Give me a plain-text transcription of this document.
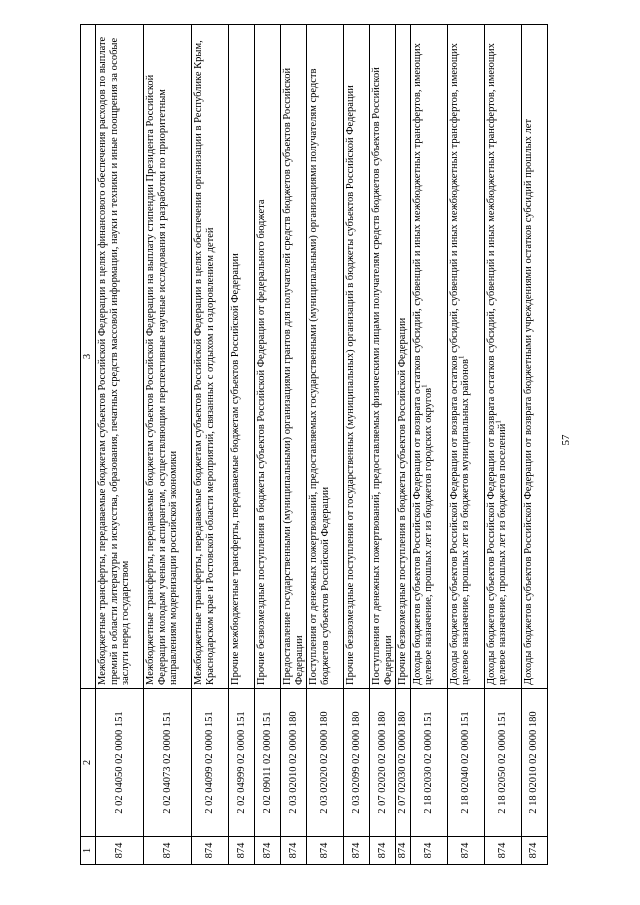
57
1	2	3
874	2 02 04050 02 0000 151	Межбюджетные трансферты, передаваемые бюджетам субъектов Российской Федерации в целях финансового обеспечения расходов по выплате премий в области литературы и искусства, образования, печатных средств массовой информации, науки и техники и иные поощрения за особые заслуги перед государством
874	2 02 04073 02 0000 151	Межбюджетные трансферты, передаваемые бюджетам субъектов Российской Федерации на выплату стипендии Президента Российской Федерации молодым ученым и аспирантам, осуществляющим перспективные научные исследования и разработки по приоритетным направлениям модернизации российской экономики
874	2 02 04099 02 0000 151	Межбюджетные трансферты, передаваемые бюджетам субъектов Российской Федерации в целях обеспечения организации в Республике Крым, Краснодарском крае и Ростовской области мероприятий, связанных с отдыхом и оздоровлением детей
874	2 02 04999 02 0000 151	Прочие межбюджетные трансферты, передаваемые бюджетам субъектов Российской Федерации
874	2 02 09011 02 0000 151	Прочие безвозмездные поступления в бюджеты субъектов Российской Федерации от федерального бюджета
874	2 03 02010 02 0000 180	Предоставление государственными (муниципальными) организациями грантов для получателей средств бюджетов субъектов Российской Федерации
874	2 03 02020 02 0000 180	Поступления от денежных пожертвований, предоставляемых государственными (муниципальными) организациями получателям средств бюджетов субъектов Российской Федерации
874	2 03 02099 02 0000 180	Прочие безвозмездные поступления от государственных (муниципальных) организаций в бюджеты субъектов Российской Федерации
874	2 07 02020 02 0000 180	Поступления от денежных пожертвований, предоставляемых физическими лицами получателям средств бюджетов субъектов Российской Федерации
874	2 07 02030 02 0000 180	Прочие безвозмездные поступления в бюджеты субъектов Российской Федерации
874	2 18 02030 02 0000 151	Доходы бюджетов субъектов Российской Федерации от возврата остатков субсидий, субвенций и иных межбюджетных трансфертов, имеющих целевое назначение, прошлых лет из бюджетов городских округов$^1$
874	2 18 02040 02 0000 151	Доходы бюджетов субъектов Российской Федерации от возврата остатков субсидий, субвенций и иных межбюджетных трансфертов, имеющих целевое назначение, прошлых лет из бюджетов муниципальных районов$^1$
874	2 18 02050 02 0000 151	Доходы бюджетов субъектов Российской Федерации от возврата остатков субсидий, субвенций и иных межбюджетных трансфертов, имеющих целевое назначение, прошлых лет из бюджетов поселений$^1$
874	2 18 02010 02 0000 180	Доходы бюджетов субъектов Российской Федерации от возврата бюджетными учреждениями остатков субсидий прошлых лет
